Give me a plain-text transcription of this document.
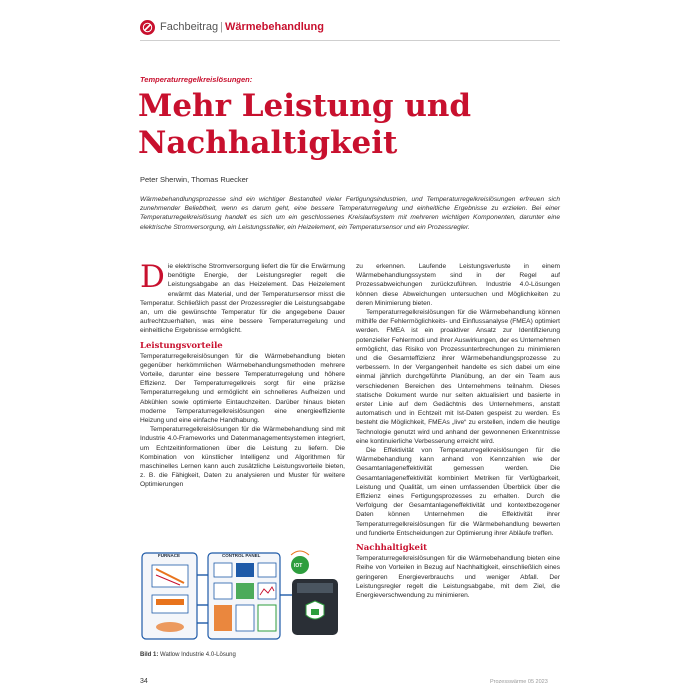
Fachbeitrag | Wärmebehandlung
Temperaturregelkreislösungen:
Mehr Leistung und Nachhaltigkeit
Peter Sherwin, Thomas Ruecker
Wärmebehandlungsprozesse sind ein wichtiger Bestandteil vieler Fertigungsindustrien, und Temperaturregelkreislösungen erfreuen sich zunehmender Beliebtheit, wenn es darum geht, eine bessere Temperaturregelung und einheitliche Ergebnisse zu erzielen. Bei einer Temperaturregelkreislösung handelt es sich um ein geschlossenes Kreislaufsystem mit mehreren wichtigen Komponenten, darunter eine elektrische Stromversorgung, ein Leistungssteller, ein Heizelement, ein Temperatursensor und ein Prozessregler.

Die elektrische Stromversorgung liefert die für die Erwärmung benötigte Energie, der Leistungsregler regelt die Leistungsabgabe an das Heizelement. Das Heizelement erwärmt das Material, und der Temperatursensor misst die Temperatur. Schließlich passt der Prozessregler die Leistungsabgabe an, um die gewünschte Temperatur für die angegebene Dauer aufrechtzuerhalten, was eine bessere Temperaturregelung und einheitliche Ergebnisse ermöglicht.

Leistungsvorteile

Temperaturregelkreislösungen für die Wärmebehandlung bieten gegenüber herkömmlichen Wärmebehandlungsmethoden mehrere Vorteile, darunter eine bessere Temperaturregelung und höhere Effizienz. Der Temperaturregelkreis sorgt für eine präzise Temperaturregelung und ermöglicht ein schnelleres Aufheizen und Abkühlen sowie optimierte Eintauchzeiten. Darüber hinaus bieten moderne Temperaturregelkreislösungen eine energieeffiziente Heizung und eine einfache Handhabung.

Temperaturregelkreislösungen für die Wärmebehandlung sind mit Industrie 4.0-Frameworks und Datenmanagementsystemen integriert, um Echtzeitinformationen über die Leistung zu liefern. Die Kombination von künstlicher Intelligenz und Algorithmen für maschinelles Lernen kann auch zusätzliche Leistungsvorteile bieten, z. B. die Fähigkeit, Daten zu analysieren und Muster für weitere Optimierungen

FURNACE	CONTROL PANEL
IOT
Bild 1: Watlow Industrie 4.0-Lösung

zu erkennen. Laufende Leistungsverluste in einem Wärmebehandlungssystem sind in der Regel auf Prozessabweichungen zurückzuführen. Industrie 4.0-Lösungen können diese Abweichungen untersuchen und Möglichkeiten zu deren Minimierung bieten.

Temperaturregelkreislösungen für die Wärmebehandlung können mithilfe der Fehlermöglichkeits- und Einflussanalyse (FMEA) optimiert werden. FMEA ist ein proaktiver Ansatz zur Identifizierung potenzieller Fehlermodi und ihrer Auswirkungen, der es Unternehmen ermöglicht, das Risiko von Prozessunterbrechungen zu minimieren und die Gesamteffizienz ihrer Wärmebehandlungsprozesse zu verbessern. In der Vergangenheit handelte es sich dabei um eine einmal jährlich durchgeführte Planübung, an der ein Team aus verschiedenen Bereichen des Unternehmens teilnahm. Dieses statische Dokument wurde nur selten aktualisiert und basierte in erster Linie auf dem Gedächtnis des Unternehmens, anstatt automatisch und in Echtzeit mit Ist-Daten gespeist zu werden. Es besteht die Möglichkeit, FMEAs „live“ zu erstellen, indem die heutige Technologie genutzt wird und anhand der gewonnenen Erkenntnisse eine kontinuierliche Verbesserung erreicht wird.

Die Effektivität von Temperaturregelkreislösungen für die Wärmebehandlung kann anhand von Kennzahlen wie der Gesamtanlageneffektivität gemessen werden. Die Gesamtanlageneffektivität kombiniert Metriken für Verfügbarkeit, Leistung und Qualität, um einen umfassenden Überblick über die Effizienz eines Fertigungsprozesses zu erhalten. Durch die Verfolgung der Gesamtanlageneffektivität und kontextbezogener Daten können Unternehmen die Effektivität ihrer Temperaturregelkreislösungen für die Wärmebehandlung bewerten und fundierte Entscheidungen zur Optimierung ihrer Abläufe treffen.

Nachhaltigkeit

Temperaturregelkreislösungen für die Wärmebehandlung bieten eine Reihe von Vorteilen in Bezug auf Nachhaltigkeit, einschließlich eines geringeren Energieverbrauchs und weniger Abfall. Der Leistungsregler regelt die Leistungsabgabe, mit dem Ziel, die Energieverschwendung zu minimieren.

34	Prozesswärme 05 2023
